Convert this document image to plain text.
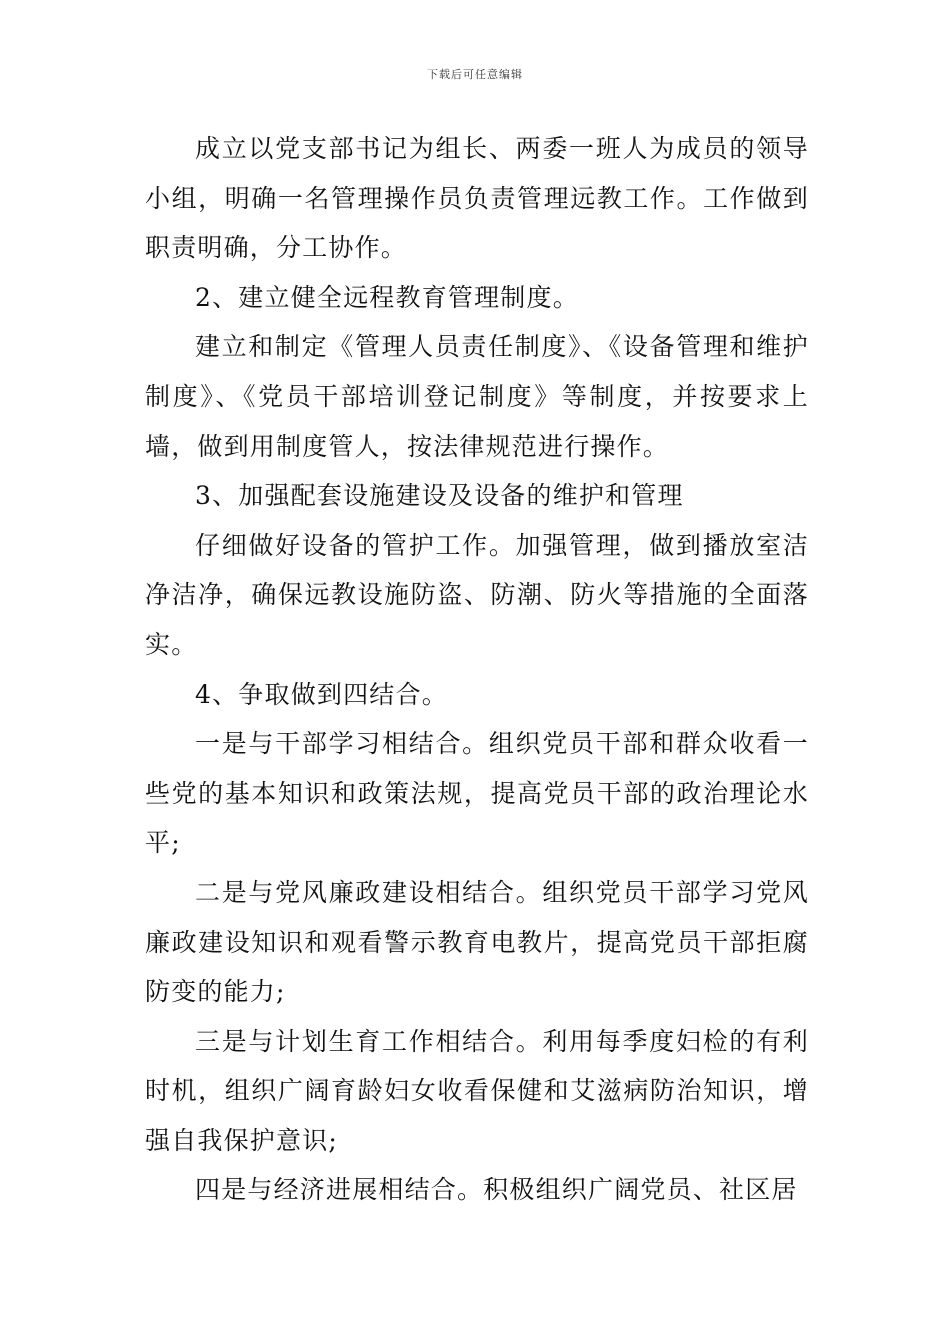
下载后可任意编辑

成立以党支部书记为组长、两委一班人为成员的领导小组，明确一名管理操作员负责管理远教工作。工作做到职责明确，分工协作。

2、建立健全远程教育管理制度。

建立和制定《管理人员责任制度》、《设备管理和维护制度》、《党员干部培训登记制度》等制度，并按要求上墙，做到用制度管人，按法律规范进行操作。

3、加强配套设施建设及设备的维护和管理

仔细做好设备的管护工作。加强管理，做到播放室洁净洁净，确保远教设施防盗、防潮、防火等措施的全面落实。

4、争取做到四结合。

一是与干部学习相结合。组织党员干部和群众收看一些党的基本知识和政策法规，提高党员干部的政治理论水平;

二是与党风廉政建设相结合。组织党员干部学习党风廉政建设知识和观看警示教育电教片，提高党员干部拒腐防变的能力;

三是与计划生育工作相结合。利用每季度妇检的有利时机，组织广阔育龄妇女收看保健和艾滋病防治知识，增强自我保护意识;

四是与经济进展相结合。积极组织广阔党员、社区居
